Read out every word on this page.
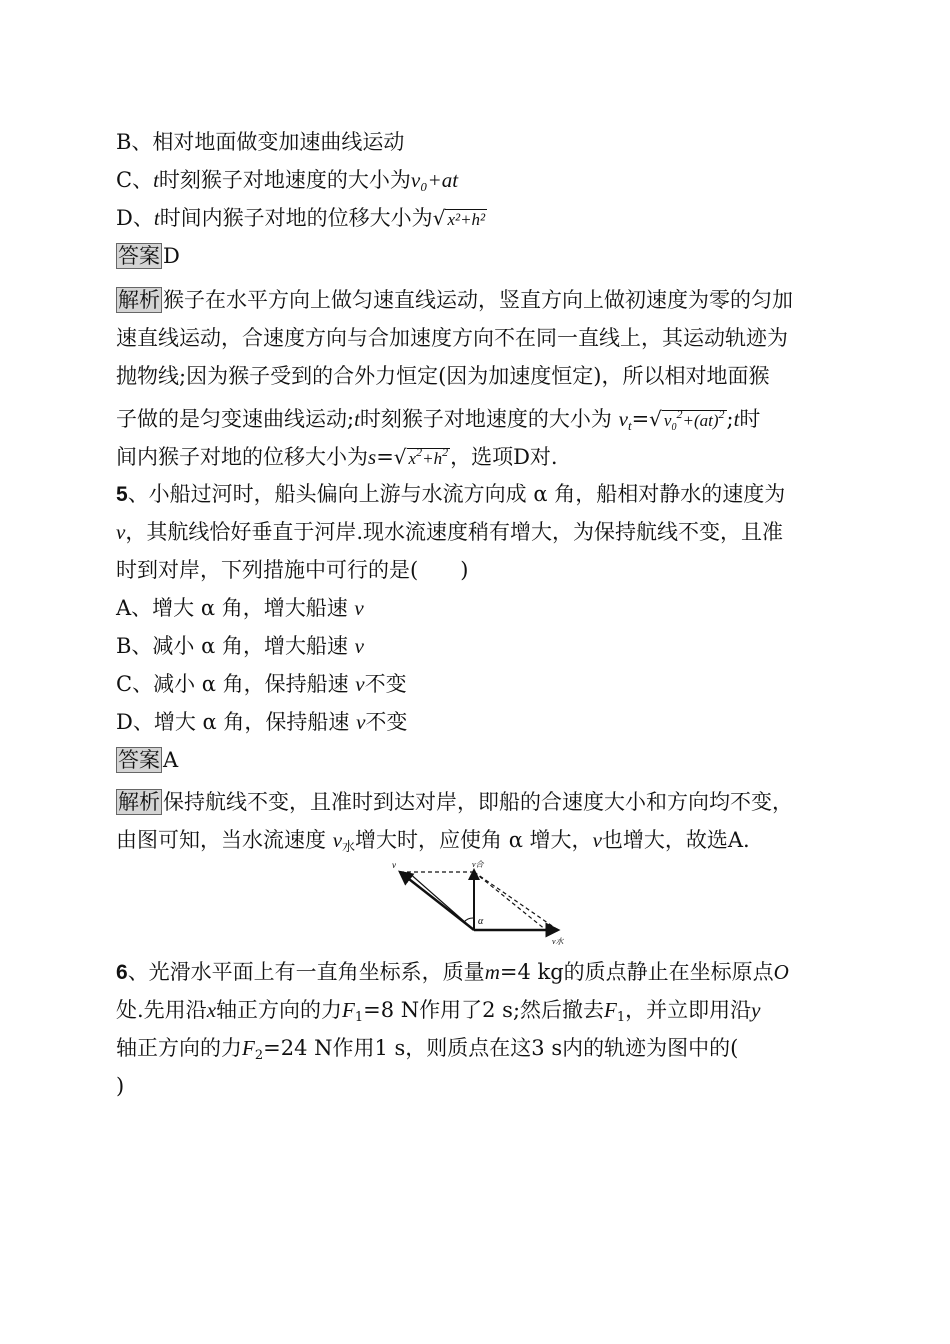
B、相对地面做变加速曲线运动
C、t时刻猴子对地速度的大小为v₀+at
D、t时间内猴子对地的位移大小为√ x²+h²
答案 D
解析 猴子在水平方向上做匀速直线运动，竖直方向上做初速度为零的匀加
速直线运动，合速度方向与合加速度方向不在同一直线上，其运动轨迹为
抛物线;因为猴子受到的合外力恒定(因为加速度恒定)，所以相对地面猴
子做的是匀变速曲线运动;t时刻猴子对地速度的大小为 $v_t=√$ $v_0^2+(at)^2;t$时
间内猴子对地的位移大小为s=√ $x^2+h^2$，选项D对.
5、小船过河时，船头偏向上游与水流方向成 α 角，船相对静水的速度为
v，其航线恰好垂直于河岸.现水流速度稍有增大，为保持航线不变，且准
时到对岸，下列措施中可行的是(　　)
A、增大 α 角，增大船速 v
B、减小 α 角，增大船速 v
C、减小 α 角，保持船速 v不变
D、增大 α 角，保持船速 v不变
答案 A
解析 保持航线不变，且准时到达对岸，即船的合速度大小和方向均不变，
由图可知，当水流速度 $v_水$增大时，应使角 α 增大，v也增大，故选A.
v	v合
α
v水
6、光滑水平面上有一直角坐标系，质量m=4 kg的质点静止在坐标原点O
处.先用沿x轴正方向的力$F_1=8$ N作用了2 s;然后撤去$F_1$，并立即用沿y
轴正方向的力$F_2=24$ N作用1 s，则质点在这3 s内的轨迹为图中的(
)
